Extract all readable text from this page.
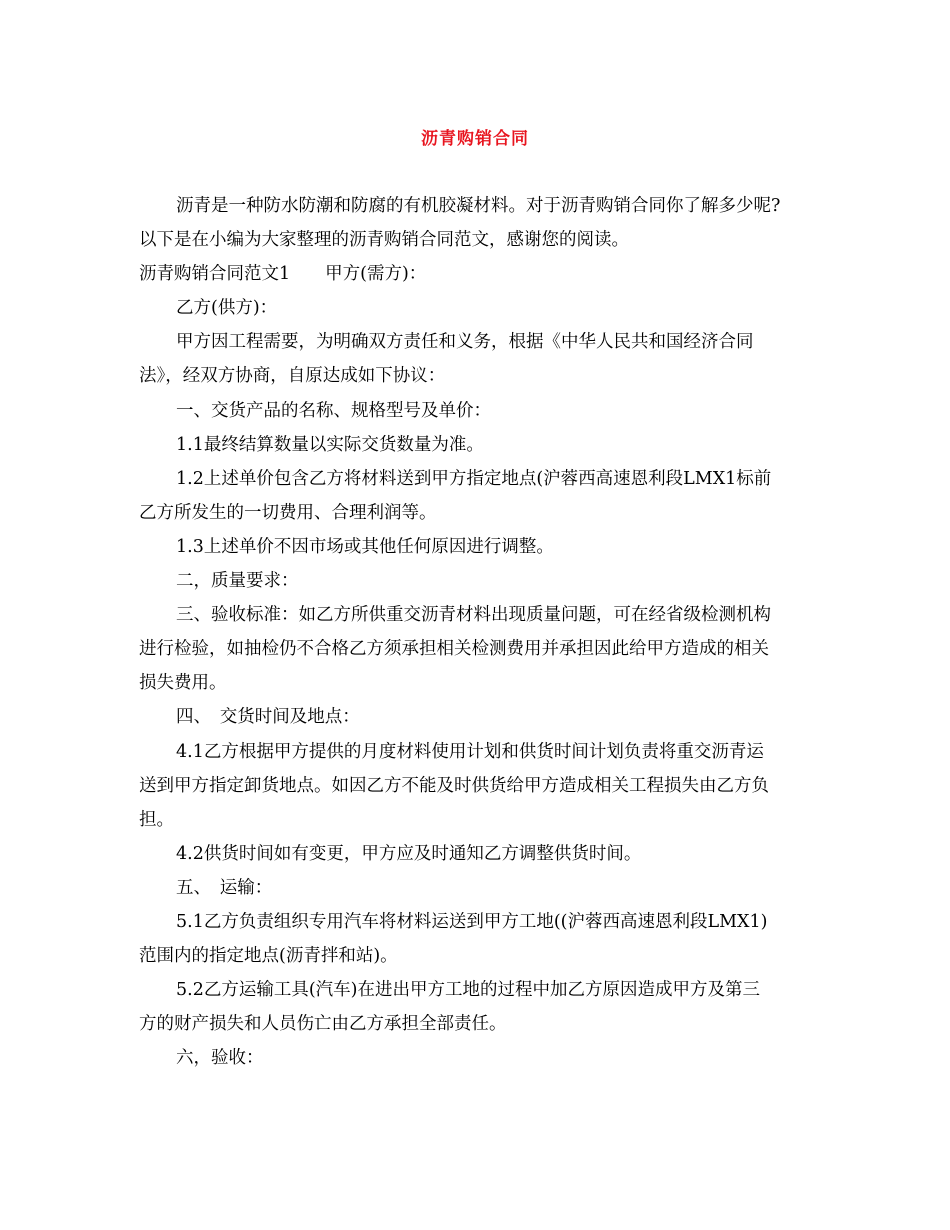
沥青购销合同
沥青是一种防水防潮和防腐的有机胶凝材料。对于沥青购销合同你了解多少呢?
以下是在小编为大家整理的沥青购销合同范文，感谢您的阅读。
沥青购销合同范文1　　甲方(需方)：
乙方(供方)：
甲方因工程需要，为明确双方责任和义务，根据《中华人民共和国经济合同
法》，经双方协商，自原达成如下协议：
一、交货产品的名称、规格型号及单价：
1.1最终结算数量以实际交货数量为准。
1.2上述单价包含乙方将材料送到甲方指定地点(沪蓉西高速恩利段LMX1标前
乙方所发生的一切费用、合理利润等。
1.3上述单价不因市场或其他任何原因进行调整。
二，质量要求：
三、验收标准：如乙方所供重交沥青材料出现质量问题，可在经省级检测机构
进行检验，如抽检仍不合格乙方须承担相关检测费用并承担因此给甲方造成的相关
损失费用。
四、　交货时间及地点：
4.1乙方根据甲方提供的月度材料使用计划和供货时间计划负责将重交沥青运
送到甲方指定卸货地点。如因乙方不能及时供货给甲方造成相关工程损失由乙方负
担。
4.2供货时间如有变更，甲方应及时通知乙方调整供货时间。
五、　运输：
5.1乙方负责组织专用汽车将材料运送到甲方工地((沪蓉西高速恩利段LMX1)
范围内的指定地点(沥青拌和站)。
5.2乙方运输工具(汽车)在进出甲方工地的过程中加乙方原因造成甲方及第三
方的财产损失和人员伤亡由乙方承担全部责任。
六，验收：
